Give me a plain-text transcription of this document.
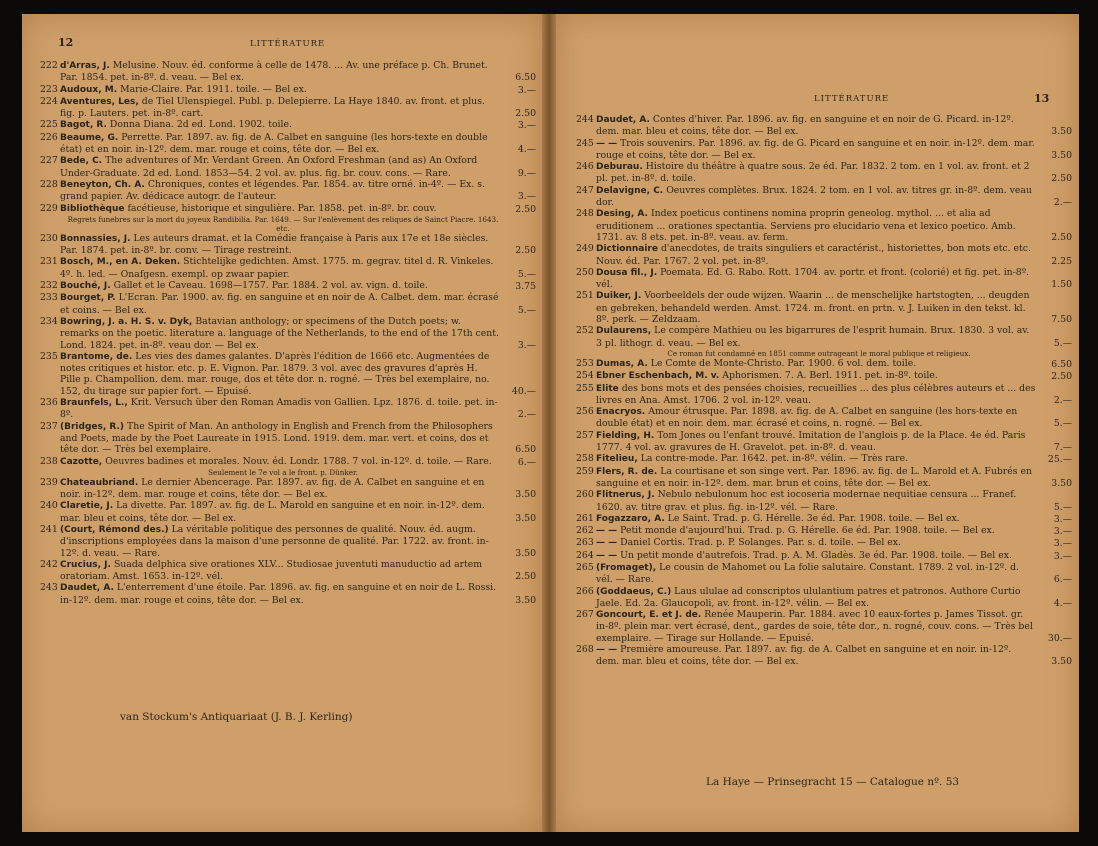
12	LITTÉRATURE
222 d'Arras, J. Melusine. Nouv. éd. conforme à celle de 1478. ... Av. une préface p. Ch. Brunet. Par. 1854. pet. in-8º. d. veau. — Bel ex.	6.50
223 Audoux, M. Marie-Claire. Par. 1911. toile. — Bel ex.	3.—
224 Aventures, Les, de Tiel Ulenspiegel. Publ. p. Delepierre. La Haye 1840. av. front. et plus. fig. p. Lauters. pet. in-8º. cart.	2.50
225 Bagot, R. Donna Diana. 2d ed. Lond. 1902. toile.	3.—
226 Beaume, G. Perrette. Par. 1897. av. fig. de A. Calbet en sanguine (les hors-texte en double état) et en noir. in-12º. dem. mar. rouge et coins, tête dor. — Bel ex.	4.—
227 Bede, C. The adventures of Mr. Verdant Green. An Oxford Freshman (and as) An Oxford Under-Graduate. 2d ed. Lond. 1853—54. 2 vol. av. plus. fig. br. couv. cons. — Rare.	9.—
228 Beneyton, Ch. A. Chroniques, contes et légendes. Par. 1854. av. titre orné. in-4º. — Ex. s. grand papier. Av. dédicace autogr. de l'auteur.	3.—
229 Bibliothèque facétieuse, historique et singulière. Par. 1858. pet. in-8º. br. couv.	2.50
Regrets funebres sur la mort du joyeux Randibilia. Par. 1649. — Sur l'enlèvement des reliques de Sainct Piacre. 1643. etc.
230 Bonnassies, J. Les auteurs dramat. et la Comédie française à Paris aux 17e et 18e siècles. Par. 1874. pet. in-8º. br. conv. — Tirage restreint.	2.50
231 Bosch, M., en A. Deken. Stichtelijke gedichten. Amst. 1775. m. gegrav. titel d. R. Vinkeles. 4º. h. led. — Onafgesn. exempl. op zwaar papier.	5.—
232 Bouché, J. Gallet et le Caveau. 1698—1757. Par. 1884. 2 vol. av. vign. d. toile.	3.75
233 Bourget, P. L'Ecran. Par. 1900. av. fig. en sanguine et en noir de A. Calbet. dem. mar. écrasé et coins. — Bel ex.	5.—
234 Bowring, J. a. H. S. v. Dyk, Batavian anthology; or specimens of the Dutch poets; w. remarks on the poetic. literature a. language of the Netherlands, to the end of the 17th cent. Lond. 1824. pet. in-8º. veau dor. — Bel ex.	3.—
235 Brantome, de. Les vies des dames galantes. D'après l'édition de 1666 etc. Augmentées de notes critiques et histor. etc. p. E. Vignon. Par. 1879. 3 vol. avec des gravures d'après H. Pille p. Champollion. dem. mar. rouge, dos et tête dor. n. rogné. — Très bel exemplaire, no. 152, du tirage sur papier fort. — Epuisé.	40.—
236 Braunfels, L., Krit. Versuch über den Roman Amadis von Gallien. Lpz. 1876. d. toile. pet. in-8º.	2.—
237 (Bridges, R.) The Spirit of Man. An anthology in English and French from the Philosophers and Poets, made by the Poet Laureate in 1915. Lond. 1919. dem. mar. vert. et coins, dos et tête dor. — Très bel exemplaire.	6.50
238 Cazotte, Oeuvres badines et morales. Nouv. éd. Londr. 1788. 7 vol. in-12º. d. toile. — Rare.	6.—
Seulement le 7e vol a le front. p. Dünker.
239 Chateaubriand. Le dernier Abencerage. Par. 1897. av. fig. de A. Calbet en sanguine et en noir. in-12º. dem. mar. rouge et coins, tête dor. — Bel ex.	3.50
240 Claretie, J. La divette. Par. 1897. av. fig. de L. Marold en sanguine et en noir. in-12º. dem. mar. bleu et coins, tête dor. — Bel ex.	3.50
241 (Court, Rémond des.) La véritable politique des personnes de qualité. Nouv. éd. augm. d'inscriptions employées dans la maison d'une personne de qualité. Par. 1722. av. front. in-12º. d. veau. — Rare.	3.50
242 Crucius, J. Suada delphica sive orationes XLV... Studiosae juventuti manuductio ad artem oratoriam. Amst. 1653. in-12º. vél.	2.50
243 Daudet, A. L'enterrement d'une étoile. Par. 1896. av. fig. en sanguine et en noir de L. Rossi. in-12º. dem. mar. rouge et coins, tête dor. — Bel ex.	3.50
van Stockum's Antiquariaat (J. B. J. Kerling)
LITTÉRATURE	13
244 Daudet, A. Contes d'hiver. Par. 1896. av. fig. en sanguine et en noir de G. Picard. in-12º. dem. mar. bleu et coins, tête dor. — Bel ex.	3.50
245 — — Trois souvenirs. Par. 1896. av. fig. de G. Picard en sanguine et en noir. in-12º. dem. mar. rouge et coins, tête dor. — Bel ex.	3.50
246 Deburau. Histoire du théâtre à quatre sous. 2e éd. Par. 1832. 2 tom. en 1 vol. av. front. et 2 pl. pet. in-8º. d. toile.	2.50
247 Delavigne, C. Oeuvres complètes. Brux. 1824. 2 tom. en 1 vol. av. titres gr. in-8º. dem. veau dor.	2.—
248 Desing, A. Index poeticus continens nomina proprin geneolog. mythol. ... et alia ad eruditionem ... orationes spectantia. Serviens pro elucidario vena et lexico poetico. Amb. 1731. av. 8 ets. pet. in-8º. veau. av. ferm.	2.50
249 Dictionnaire d'anecdotes, de traits singuliers et caractérist., historiettes, bon mots etc. etc. Nouv. éd. Par. 1767. 2 vol. pet. in-8º.	2.25
250 Dousa fil., J. Poemata. Ed. G. Rabo. Rott. 1704. av. portr. et front. (colorié) et fig. pet. in-8º. vél.	1.50
251 Duiker, J. Voorbeeldels der oude wijzen. Waarin ... de menschelijke hartstogten, ... deugden en gebreken, behandeld werden. Amst. 1724. m. front. en prtn. v. J. Luiken in den tekst. kl. 8º. perk. — Zeldzaam.	7.50
252 Dulaurens, Le compère Mathieu ou les bigarrures de l'esprit humain. Brux. 1830. 3 vol. av. 3 pl. lithogr. d. veau. — Bel ex.	5.—
Ce roman fut condamné en 1851 comme outrageant le moral publique et religieux.
253 Dumas, A. Le Comte de Monte-Christo. Par. 1900. 6 vol. dem. toile.	6.50
254 Ebner Eschenbach, M. v. Aphorismen. 7. A. Berl. 1911. pet. in-8º. toile.	2.50
255 Elite des bons mots et des pensées choisies, recueillies ... des plus célèbres auteurs et ... des livres en Ana. Amst. 1706. 2 vol. in-12º. veau.	2.—
256 Enacryos. Amour étrusque. Par. 1898. av. fig. de A. Calbet en sanguine (les hors-texte en double état) et en noir. dem. mar. écrasé et coins, n. rogné. — Bel ex.	5.—
257 Fielding, H. Tom Jones ou l'enfant trouvé. Imitation de l'anglois p. de la Place. 4e éd. Paris 1777. 4 vol. av. gravures de H. Gravelot. pet. in-8º. d. veau.	7.—
258 Fitelieu, La contre-mode. Par. 1642. pet. in-8º. vélin. — Très rare.	25.—
259 Flers, R. de. La courtisane et son singe vert. Par. 1896. av. fig. de L. Marold et A. Fubrés en sanguine et en noir. in-12º. dem. mar. brun et coins, tête dor. — Bel ex.	3.50
260 Flitnerus, J. Nebulo nebulonum hoc est iocoseria modernae nequitiae censura ... Franef. 1620. av. titre grav. et plus. fig. in-12º. vél. — Rare.	5.—
261 Fogazzaro, A. Le Saint. Trad. p. G. Hérelle. 3e éd. Par. 1908. toile. — Bel ex.	3.—
262 — — Petit monde d'aujourd'hui. Trad. p. G. Hérelle. 6e éd. Par. 1908. toile. — Bel ex.	3.—
263 — — Daniel Cortis. Trad. p. P. Solanges. Par. s. d. toile. — Bel ex.	3.—
264 — — Un petit monde d'autrefois. Trad. p. A. M. Gladès. 3e éd. Par. 1908. toile. — Bel ex.	3.—
265 (Fromaget), Le cousin de Mahomet ou La folie salutaire. Constant. 1789. 2 vol. in-12º. d. vél. — Rare.	6.—
266 (Goddaeus, C.) Laus ululae ad conscriptos ululantium patres et patronos. Authore Curtio Jaele. Ed. 2a. Glaucopoli, av. front. in-12º. vélin. — Bel ex.	4.—
267 Goncourt, E. et J. de. Renée Mauperin. Par. 1884. avec 10 eaux-fortes p. James Tissot. gr. in-8º. plein mar. vert écrasé, dent., gardes de soie, tête dor., n. rogné, couv. cons. — Très bel exemplaire. — Tirage sur Hollande. — Epuisé.	30.—
268 — — Première amoureuse. Par. 1897. av. fig. de A. Calbet en sanguine et en noir. in-12º. dem. mar. bleu et coins, tête dor. — Bel ex.	3.50
La Haye — Prinsegracht 15 — Catalogue nº. 53
